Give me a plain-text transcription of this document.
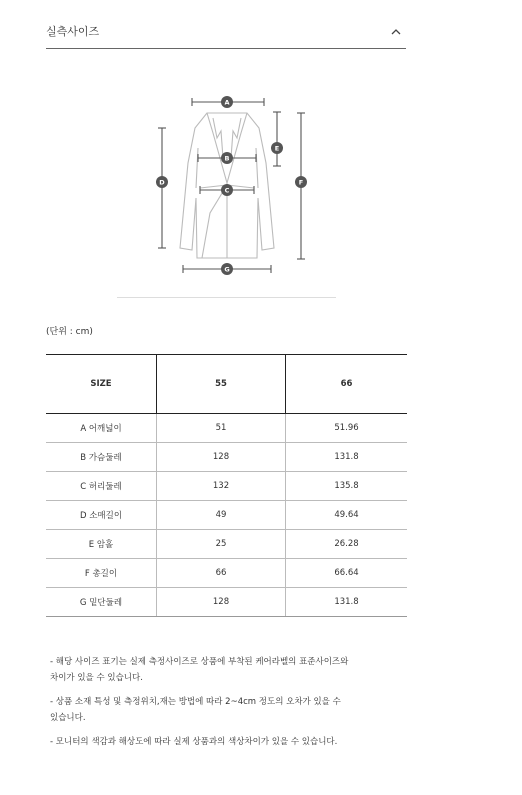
실측사이즈
A
B
C
D
E
F
G
(단위 : cm)
SIZE	55	66
A 어깨넓이	51	51.96
B 가슴둘레	128	131.8
C 허리둘레	132	135.8
D 소매길이	49	49.64
E 암홀	25	26.28
F 총길이	66	66.64
G 밑단둘레	128	131.8
- 해당 사이즈 표기는 실제 측정사이즈로 상품에 부착된 케어라벨의 표준사이즈와
차이가 있을 수 있습니다.
- 상품 소재 특성 및 측정위치,재는 방법에 따라 2~4cm 정도의 오차가 있을 수
있습니다.
- 모니터의 색감과 해상도에 따라 실제 상품과의 색상차이가 있을 수 있습니다.
